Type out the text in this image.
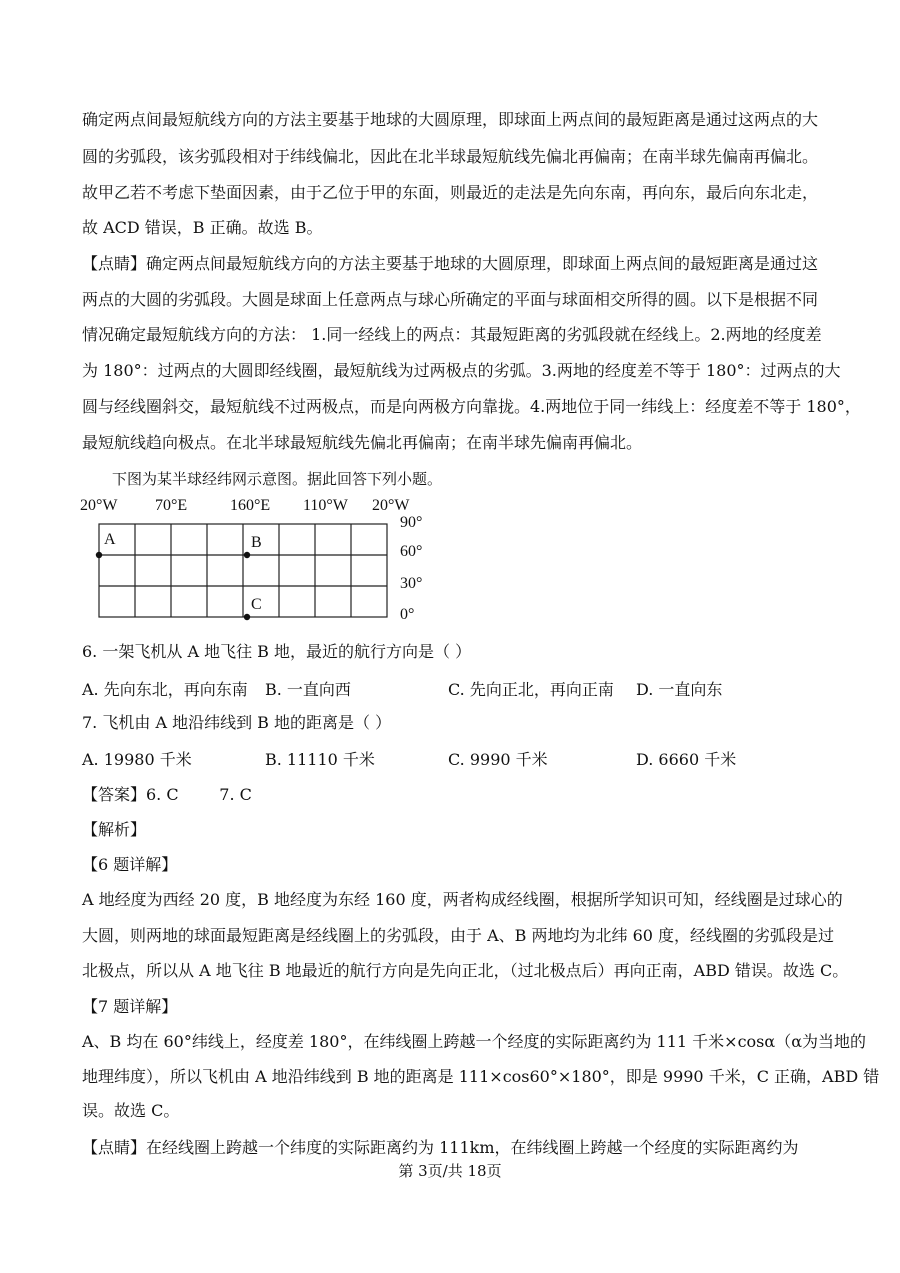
确定两点间最短航线方向的方法主要基于地球的大圆原理，即球面上两点间的最短距离是通过这两点的大
圆的劣弧段，该劣弧段相对于纬线偏北，因此在北半球最短航线先偏北再偏南；在南半球先偏南再偏北。
故甲乙若不考虑下垫面因素，由于乙位于甲的东面，则最近的走法是先向东南，再向东，最后向东北走，
故 ACD 错误，B 正确。故选 B。
【点睛】确定两点间最短航线方向的方法主要基于地球的大圆原理，即球面上两点间的最短距离是通过这
两点的大圆的劣弧段。大圆是球面上任意两点与球心所确定的平面与球面相交所得的圆。以下是根据不同
情况确定最短航线方向的方法： 1.同一经线上的两点：其最短距离的劣弧段就在经线上。2.两地的经度差
为 180°：过两点的大圆即经线圈，最短航线为过两极点的劣弧。3.两地的经度差不等于 180°：过两点的大
圆与经线圈斜交，最短航线不过两极点，而是向两极方向靠拢。4.两地位于同一纬线上：经度差不等于 180°，
最短航线趋向极点。在北半球最短航线先偏北再偏南；在南半球先偏南再偏北。
下图为某半球经纬网示意图。据此回答下列小题。
20°W 70°E	160°E 110°W 20°W
A	B
C
90°
60°
30°
0°
6. 一架飞机从 A 地飞往 B 地，最近的航行方向是（ ）
A. 先向东北，再向东南 B. 一直向西	C. 先向正北，再向正南 D. 一直向东
7. 飞机由 A 地沿纬线到 B 地的距离是（ ）
A. 19980 千米	B. 11110 千米	C. 9990 千米	D. 6660 千米
【答案】6. C        7. C
【解析】
【6 题详解】
A 地经度为西经 20 度，B 地经度为东经 160 度，两者构成经线圈，根据所学知识可知，经线圈是过球心的
大圆，则两地的球面最短距离是经线圈上的劣弧段，由于 A、B 两地均为北纬 60 度，经线圈的劣弧段是过
北极点，所以从 A 地飞往 B 地最近的航行方向是先向正北，（过北极点后）再向正南，ABD 错误。故选 C。
【7 题详解】
A、B 均在 60°纬线上，经度差 180°，在纬线圈上跨越一个经度的实际距离约为 111 千米×cosα（α为当地的
地理纬度），所以飞机由 A 地沿纬线到 B 地的距离是 111×cos60°×180°，即是 9990 千米，C 正确，ABD 错
误。故选 C。
【点睛】在经线圈上跨越一个纬度的实际距离约为 111km，在纬线圈上跨越一个经度的实际距离约为
第 3页/共 18页
